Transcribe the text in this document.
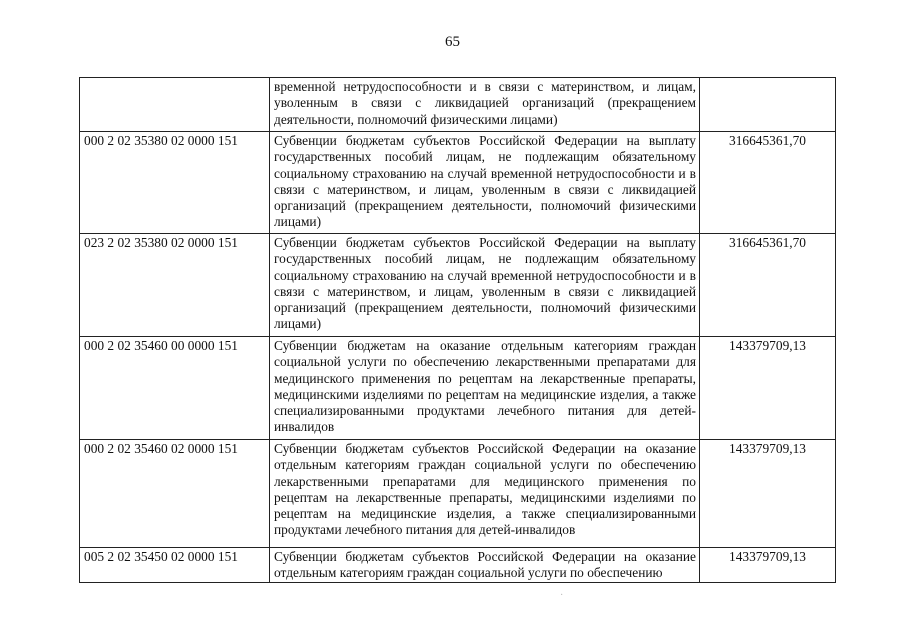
65
	временной нетрудоспособности и в связи с материнством, и лицам, уволенным в связи с ликвидацией организаций (прекращением деятельности, полномочий физическими лицами)	
000 2 02 35380 02 0000 151	Субвенции бюджетам субъектов Российской Федерации на выплату государственных пособий лицам, не подлежащим обязательному социальному страхованию на случай временной нетрудоспособности и в связи с материнством, и лицам, уволенным в связи с ликвидацией организаций (прекращением деятельности, полномочий физическими лицами)	316645361,70
023 2 02 35380 02 0000 151	Субвенции бюджетам субъектов Российской Федерации на выплату государственных пособий лицам, не подлежащим обязательному социальному страхованию на случай временной нетрудоспособности и в связи с материнством, и лицам, уволенным в связи с ликвидацией организаций (прекращением деятельности, полномочий физическими лицами)	316645361,70
000 2 02 35460 00 0000 151	Субвенции бюджетам на оказание отдельным категориям граждан социальной услуги по обеспечению лекарственными препаратами для медицинского применения по рецептам на лекарственные препараты, медицинскими изделиями по рецептам на медицинские изделия, а также специализированными продуктами лечебного питания для детей-инвалидов	143379709,13
000 2 02 35460 02 0000 151	Субвенции бюджетам субъектов Российской Федерации на оказание отдельным категориям граждан социальной услуги по обеспечению лекарственными препаратами для медицинского применения по рецептам на лекарственные препараты, медицинскими изделиями по рецептам на медицинские изделия, а также специализированными продуктами лечебного питания для детей-инвалидов	143379709,13
005 2 02 35450 02 0000 151	Субвенции бюджетам субъектов Российской Федерации на оказание отдельным категориям граждан социальной услуги по обеспечению	143379709,13
·
